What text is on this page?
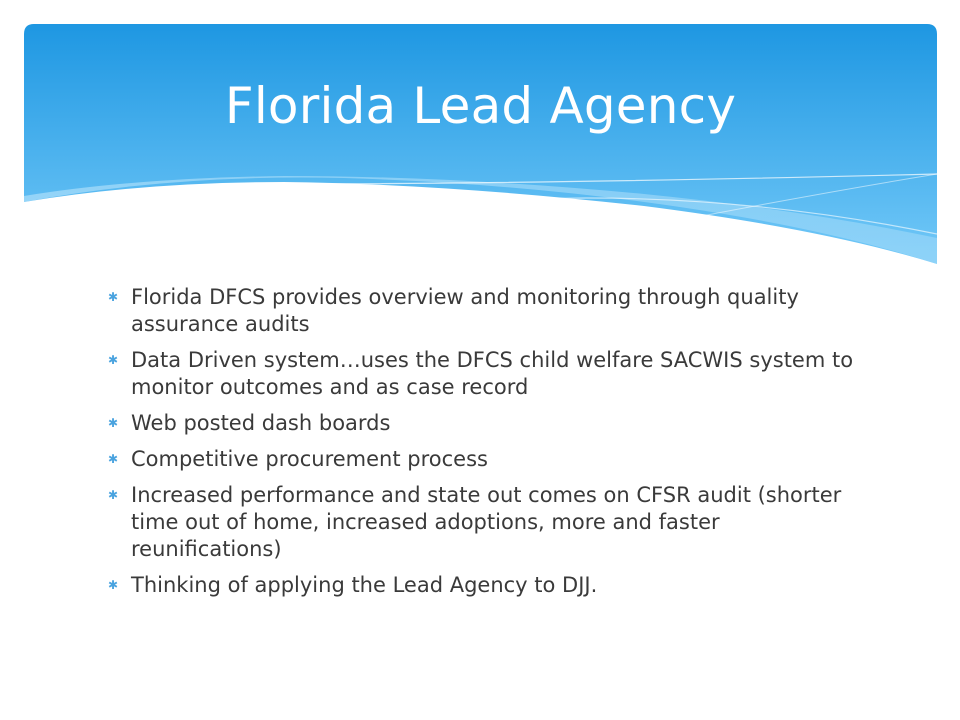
Florida Lead Agency
✱ Florida DFCS provides overview and monitoring through quality assurance audits
✱ Data Driven system…uses the DFCS child welfare SACWIS system to monitor outcomes and as case record
✱ Web posted dash boards
✱ Competitive procurement process
✱ Increased performance and state out comes on CFSR audit (shorter time out of home, increased adoptions, more and faster reunifications)
✱ Thinking of applying the Lead Agency to DJJ.
